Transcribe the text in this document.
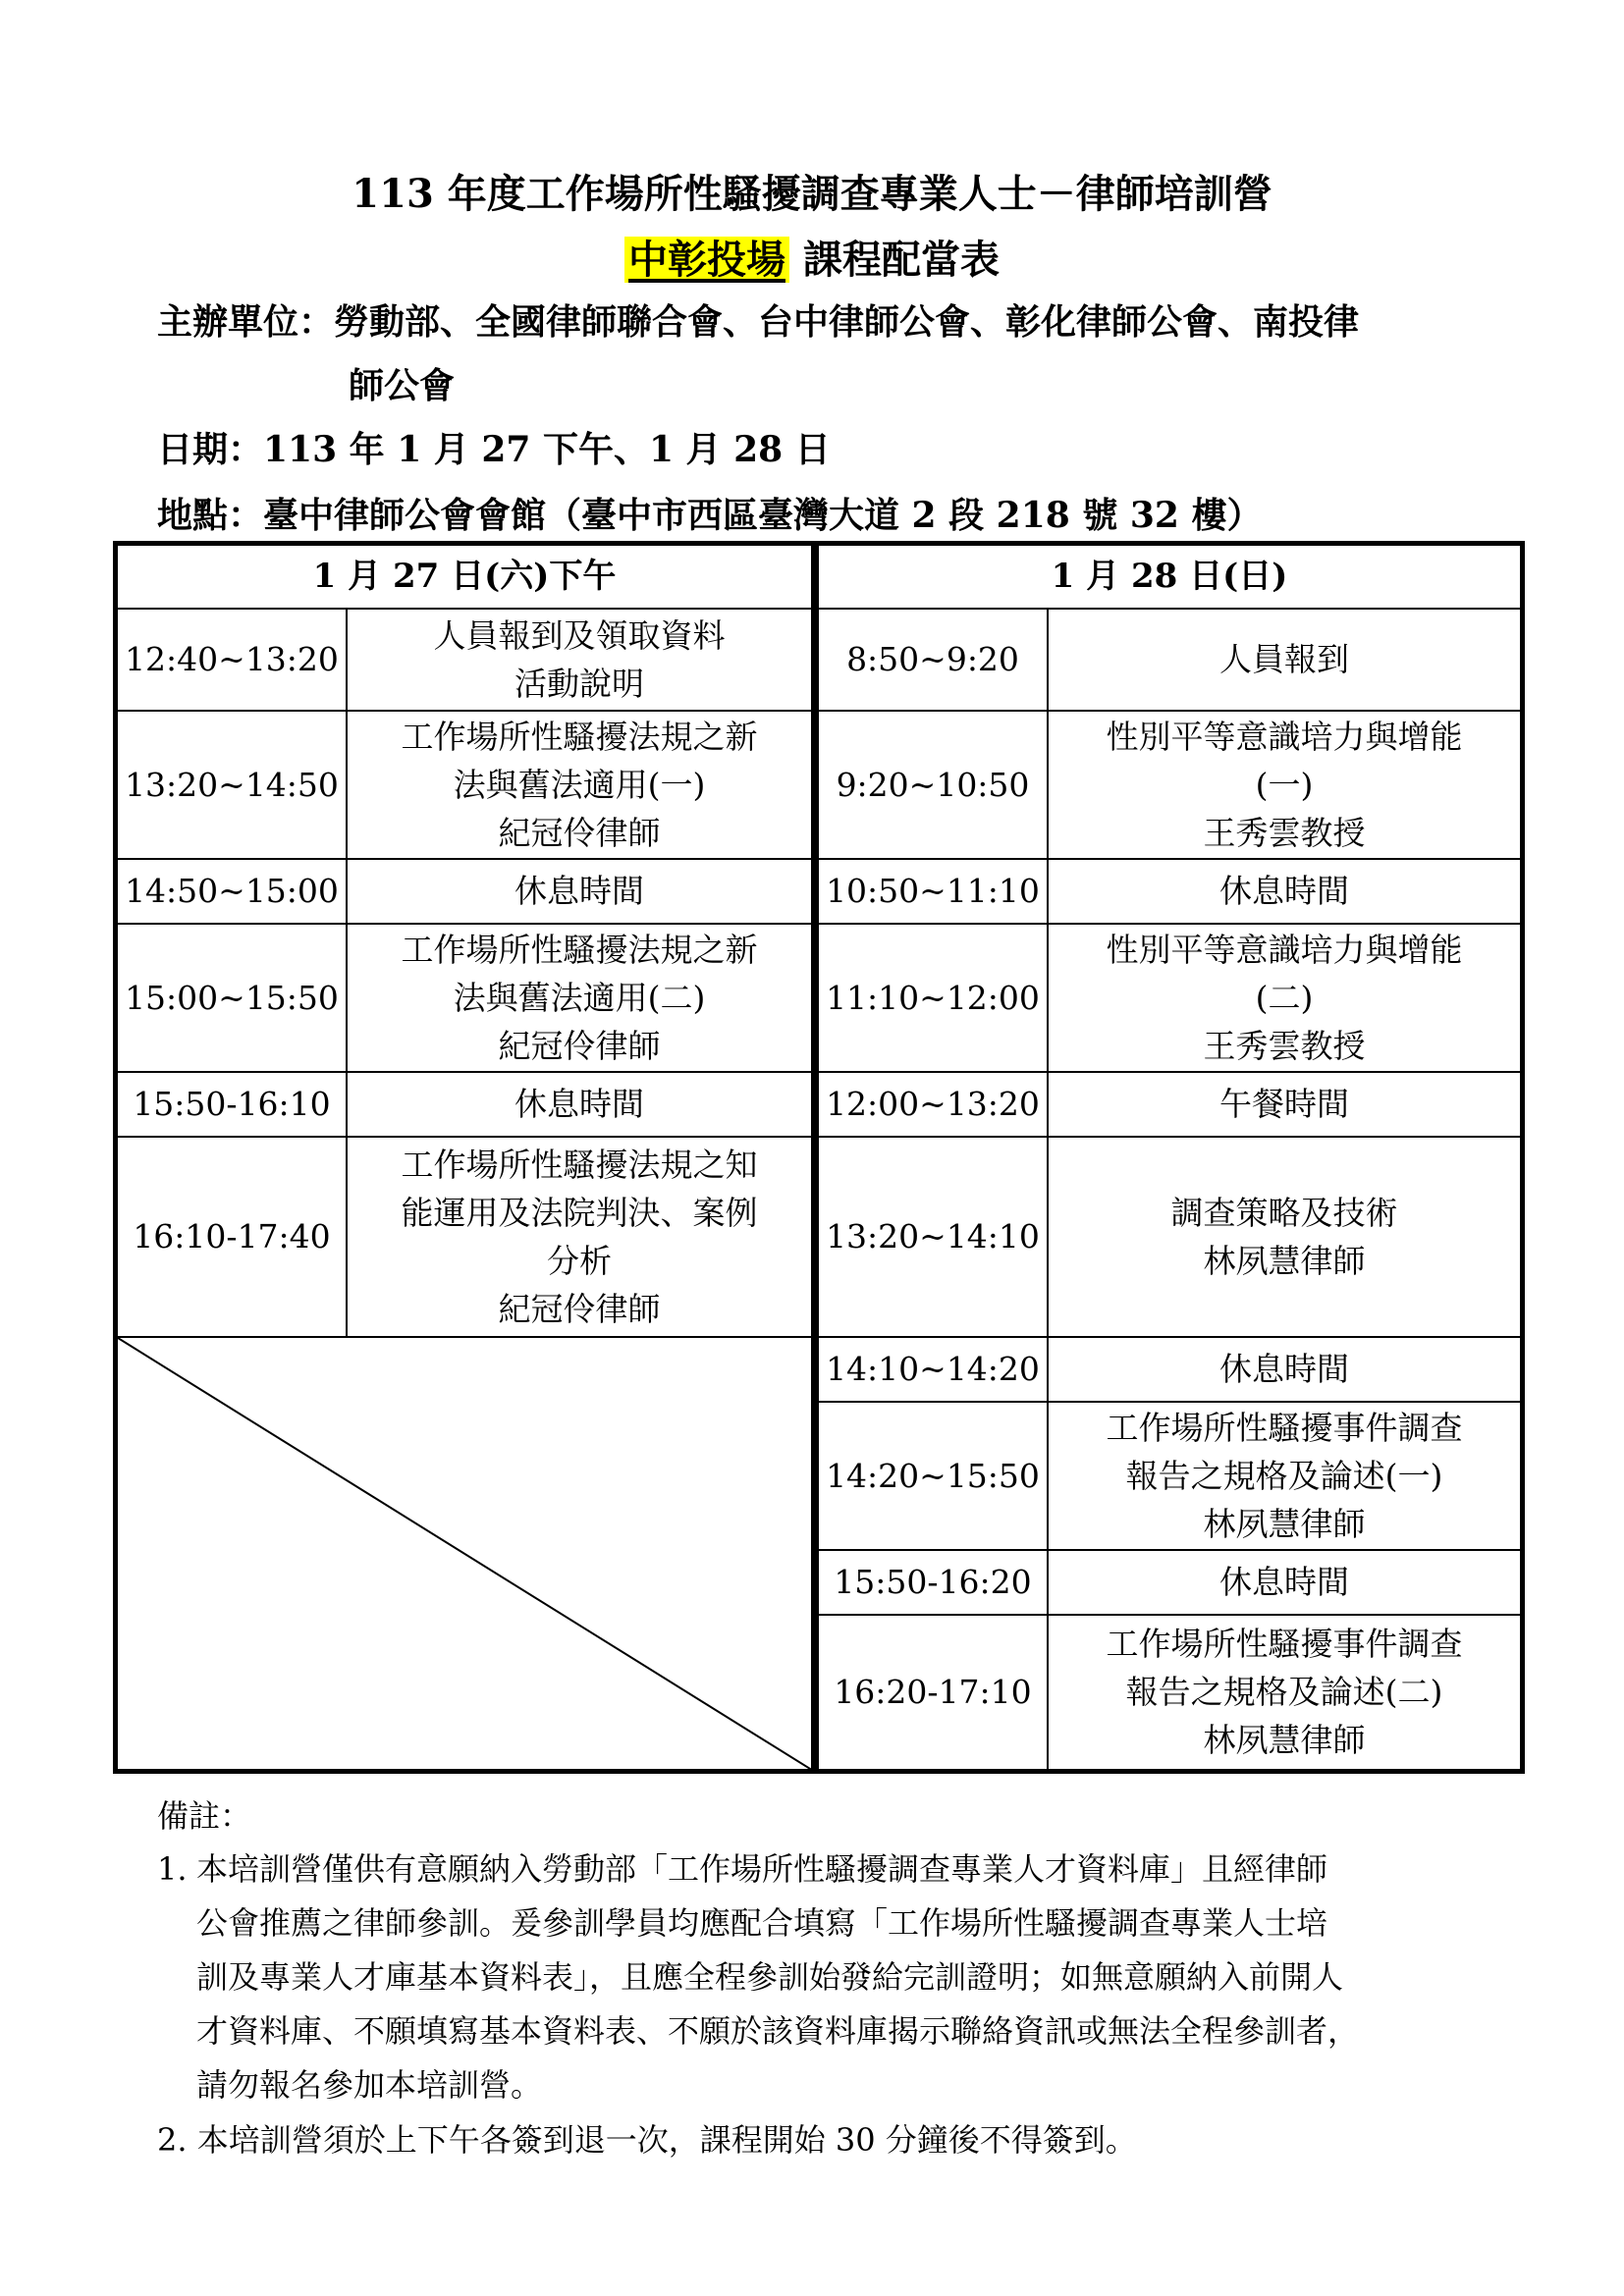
113 年度工作場所性騷擾調查專業人士－律師培訓營
中彰投場 課程配當表
主辦單位：勞動部、全國律師聯合會、台中律師公會、彰化律師公會、南投律
師公會
日期：113 年 1 月 27 下午、1 月 28 日
地點：臺中律師公會會館（臺中市西區臺灣大道 2 段 218 號 32 樓）
1 月 27 日(六)下午	
12:40~13:20	人員報到及領取資料
活動說明

13:20~14:50	工作場所性騷擾法規之新
法與舊法適用(一)
紀冠伶律師

14:50~15:00	休息時間
15:00~15:50	工作場所性騷擾法規之新
法與舊法適用(二)
紀冠伶律師

15:50-16:10	休息時間
16:10-17:40	工作場所性騷擾法規之知
能運用及法院判決、案例
分析
紀冠伶律師

1 月 28 日(日)	
8:50~9:20	人員報到
9:20~10:50	性別平等意識培力與增能
(一)
王秀雲教授

10:50~11:10	休息時間
11:10~12:00	性別平等意識培力與增能
(二)
王秀雲教授

12:00~13:20	午餐時間
13:20~14:10	調查策略及技術
林夙慧律師

14:10~14:20	休息時間
14:20~15:50	工作場所性騷擾事件調查
報告之規格及論述(一)
林夙慧律師

15:50-16:20	休息時間
16:20-17:10	工作場所性騷擾事件調查
報告之規格及論述(二)
林夙慧律師
備註：
1. 本培訓營僅供有意願納入勞動部「工作場所性騷擾調查專業人才資料庫」且經律師
公會推薦之律師參訓。爰參訓學員均應配合填寫「工作場所性騷擾調查專業人士培
訓及專業人才庫基本資料表」，且應全程參訓始發給完訓證明；如無意願納入前開人
才資料庫、不願填寫基本資料表、不願於該資料庫揭示聯絡資訊或無法全程參訓者，
請勿報名參加本培訓營。
2. 本培訓營須於上下午各簽到退一次，課程開始 30 分鐘後不得簽到。
